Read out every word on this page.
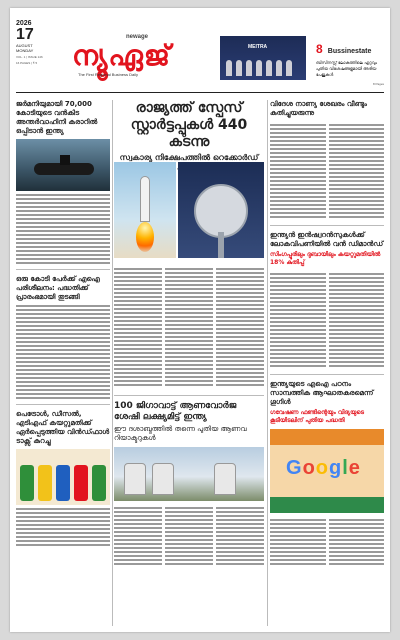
2026
17
AUGUST
MONDAY
VOL. 1 | ISSUE 146
16 PAGES | ₹ 5
newage
ന്യൂഏജ്
The First Regional Business Daily
MEITRA	8 Bussinestate
ബിസിനസ്സ് ലോകത്തിലെ ഏറ്റവും പുതിയ വിശേഷങ്ങളുമായി അരിയ പേജുകൾ
8 Pages
ജർമനിയുമായി 70,000 കോടിയുടെ വൻകിട അന്തർവാഹിനി കരാറിൽ ഒപ്പിടാൻ ഇന്ത്യ
ഒരു കോടി പേർക്ക് എഐ പരിശീലനം: പദ്ധതിക്ക് പ്രാരംഭമായി തുടങ്ങി
പെട്രോൾ, ഡീസൽ, എ‌ടിഎഫ് കയറ്റുമതിക്ക് ഏർപ്പെടുത്തിയ വിൻഡ്ഫാൾ ടാക്സ് കുറച്ചു
രാജ്യത്ത് സ്പേസ് സ്റ്റാർട്ടപ്പുകൾ 440 കടന്നു

സ്വകാര്യ നിക്ഷേപത്തിൽ റെക്കോർഡ്

100 ജിഗാവാട്ട് ആണവോർജ ശേഷി ലക്ഷ്യമിട്ട് ഇന്ത്യ

ഈ ദശാബ്ദത്തിൽ തന്നെ പുതിയ ആണവ റിയാക്ടറുകൾ

വിദേശ നാണ്യ ശേഖരം വീണ്ടും കുതിച്ചുയരുന്നു
ഇന്ത്യൻ ഇൻഷ്വറൻസുകൾക്ക് ലോകവിപണിയിൽ വൻ ഡിമാൻഡ്

സിംഗപ്പൂരിലും ദുബായിലും കയറ്റുമതിയിൽ 18% കുതിപ്പ്

ഇന്ത്യയുടെ എഐ പഠനം സാമ്പത്തിക ആഘാതകരമെന്ന് ഗൂഗിൾ

ഗവേഷണ ഫണ്ടിന്റെയും വിദ്യയുടെ കൂടിയിടലിന് പുതിയ പദ്ധതി

Google
